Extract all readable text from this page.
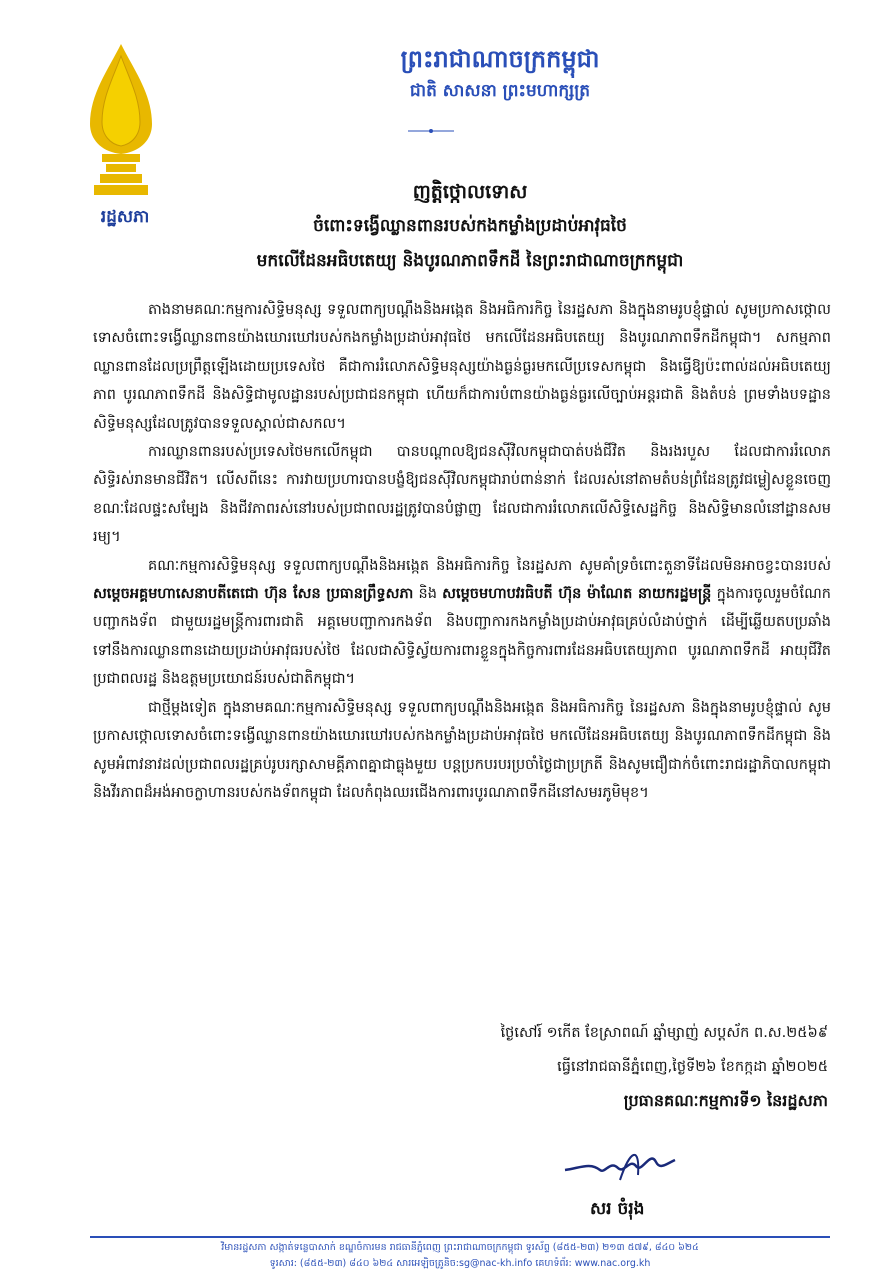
រដ្ឋសភា
ព្រះរាជាណាចក្រកម្ពុជា
ជាតិ សាសនា ព្រះមហាក្សត្រ
ញត្តិថ្កោលទោស
ចំពោះទង្វើឈ្លានពានរបស់កងកម្លាំងប្រដាប់អាវុធថៃ
មកលើដែនអធិបតេយ្យ និងបូរណភាពទឹកដី នៃព្រះរាជាណាចក្រកម្ពុជា

តាងនាមគណៈកម្មការសិទ្ធិមនុស្ស ទទួលពាក្យបណ្តឹងនិងអង្កេត និងអធិការកិច្ច នៃរដ្ឋសភា និងក្នុងនាមរូបខ្ញុំផ្ទាល់ សូមប្រកាសថ្កោលទោសចំពោះទង្វើឈ្លានពានយ៉ាងឃោរឃៅរបស់កងកម្លាំងប្រដាប់អាវុធថៃ មកលើដែនអធិបតេយ្យ និងបូរណភាពទឹកដីកម្ពុជា។ សកម្មភាពឈ្លានពានដែលប្រព្រឹត្តឡើងដោយប្រទេសថៃ គឺជាការរំលោភសិទ្ធិមនុស្សយ៉ាងធ្ងន់ធ្ងរមកលើប្រទេសកម្ពុជា និងធ្វើឱ្យប៉ះពាល់ដល់អធិបតេយ្យភាព បូរណភាពទឹកដី និងសិទ្ធិជាមូលដ្ឋានរបស់ប្រជាជនកម្ពុជា ហើយក៏ជាការបំពានយ៉ាងធ្ងន់ធ្ងរលើច្បាប់អន្តរជាតិ និងតំបន់ ព្រមទាំងបទដ្ឋានសិទ្ធិមនុស្សដែលត្រូវបានទទួលស្គាល់ជាសកល។

ការឈ្លានពានរបស់ប្រទេសថៃមកលើកម្ពុជា បានបណ្តាលឱ្យជនស៊ីវិលកម្ពុជាបាត់បង់ជីវិត និងរងរបួស ដែលជាការរំលោភសិទ្ធិរស់រានមានជីវិត។ លើសពីនេះ ការវាយប្រហារបានបង្ខំឱ្យជនស៊ីវិលកម្ពុជារាប់ពាន់នាក់ ដែលរស់នៅតាមតំបន់ព្រំដែនត្រូវជម្លៀសខ្លួនចេញ ខណៈដែលផ្ទះសម្បែង និងជីវភាពរស់នៅរបស់ប្រជាពលរដ្ឋត្រូវបានបំផ្លាញ ដែលជាការរំលោភលើសិទ្ធិសេដ្ឋកិច្ច និងសិទ្ធិមានលំនៅដ្ឋានសមរម្យ។

គណៈកម្មការសិទ្ធិមនុស្ស ទទួលពាក្យបណ្តឹងនិងអង្កេត និងអធិការកិច្ច នៃរដ្ឋសភា សូមគាំទ្រចំពោះតួនាទីដែលមិនអាចខ្វះបានរបស់ សម្តេចអគ្គមហាសេនាបតីតេជោ ហ៊ុន សែន ប្រធានព្រឹទ្ធសភា និង សម្តេចមហាបវរធិបតី ហ៊ុន ម៉ាណែត នាយករដ្ឋមន្ត្រី ក្នុងការចូលរួមចំណែកបញ្ជាកងទ័ព ជាមួយរដ្ឋមន្ត្រីការពារជាតិ អគ្គមេបញ្ជាការកងទ័ព និងបញ្ជាការកងកម្លាំងប្រដាប់អាវុធគ្រប់លំដាប់ថ្នាក់ ដើម្បីឆ្លើយតបប្រឆាំងទៅនឹងការឈ្លានពានដោយប្រដាប់អាវុធរបស់ថៃ ដែលជាសិទ្ធិស្វ័យការពារខ្លួនក្នុងកិច្ចការពារដែនអធិបតេយ្យភាព បូរណភាពទឹកដី អាយុជីវិតប្រជាពលរដ្ឋ និងឧត្តមប្រយោជន៍របស់ជាតិកម្ពុជា។

ជាថ្មីម្តងទៀត ក្នុងនាមគណៈកម្មការសិទ្ធិមនុស្ស ទទួលពាក្យបណ្តឹងនិងអង្កេត និងអធិការកិច្ច នៃរដ្ឋសភា និងក្នុងនាមរូបខ្ញុំផ្ទាល់ សូមប្រកាសថ្កោលទោសចំពោះទង្វើឈ្លានពានយ៉ាងឃោរឃៅរបស់កងកម្លាំងប្រដាប់អាវុធថៃ មកលើដែនអធិបតេយ្យ និងបូរណភាពទឹកដីកម្ពុជា និងសូមអំពាវនាវដល់ប្រជាពលរដ្ឋគ្រប់រូបរក្សាសាមគ្គីភាពគ្នាជាធ្លុងមួយ បន្តប្រកបរបរប្រចាំថ្ងៃជាប្រក្រតី និងសូមជឿជាក់ចំពោះរាជរដ្ឋាភិបាលកម្ពុជា និងវីរភាពដ៏អង់អាចក្លាហានរបស់កងទ័ពកម្ពុជា ដែលកំពុងឈរជើងការពារបូរណភាពទឹកដីនៅសមរភូមិមុខ។

ថ្ងៃសៅរ៍ ១កើត ខែស្រាពណ៍ ឆ្នាំម្សាញ់ សប្តស័ក ព.ស.២៥៦៩
ធ្វើនៅរាជធានីភ្នំពេញ,ថ្ងៃទី២៦ ខែកក្កដា ឆ្នាំ២០២៥
ប្រធានគណៈកម្មការទី១ នៃរដ្ឋសភា
សរ ចំរុង
វិមានរដ្ឋសភា សង្កាត់ទន្លេបាសាក់ ខណ្ឌចំការមន រាជធានីភ្នំពេញ ព្រះរាជាណាចក្រកម្ពុជា ទូរស័ព្ទ (៨៥៥-២៣) ២១៣ ៥៧៩, ៨៤០ ៦២៤
ទូរសារ: (៨៥៥-២៣) ៨៤០ ៦២៤ សារអេឡិចត្រូនិច:sg@nac-kh.info គេហទំព័រ: www.nac.org.kh
